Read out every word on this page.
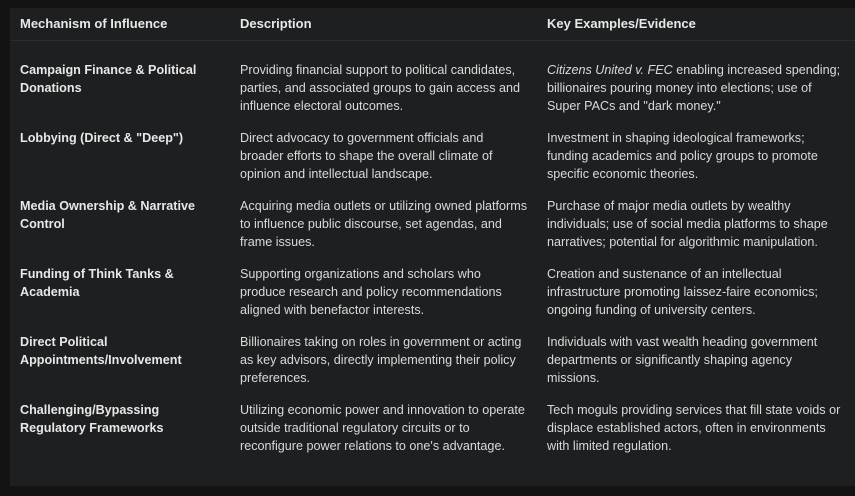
Mechanism of Influence	Description	Key Examples/Evidence
Campaign Finance & Political Donations	Providing financial support to political candidates, parties, and associated groups to gain access and influence electoral outcomes.	Citizens United v. FEC enabling increased spending; billionaires pouring money into elections; use of Super PACs and "dark money."
Lobbying (Direct & "Deep")	Direct advocacy to government officials and broader efforts to shape the overall climate of opinion and intellectual landscape.	Investment in shaping ideological frameworks; funding academics and policy groups to promote specific economic theories.
Media Ownership & Narrative Control	Acquiring media outlets or utilizing owned platforms to influence public discourse, set agendas, and frame issues.	Purchase of major media outlets by wealthy individuals; use of social media platforms to shape narratives; potential for algorithmic manipulation.
Funding of Think Tanks & Academia	Supporting organizations and scholars who produce research and policy recommendations aligned with benefactor interests.	Creation and sustenance of an intellectual infrastructure promoting laissez-faire economics; ongoing funding of university centers.
Direct Political Appointments/Involvement	Billionaires taking on roles in government or acting as key advisors, directly implementing their policy preferences.	Individuals with vast wealth heading government departments or significantly shaping agency missions.
Challenging/Bypassing Regulatory Frameworks	Utilizing economic power and innovation to operate outside traditional regulatory circuits or to reconfigure power relations to one's advantage.	Tech moguls providing services that fill state voids or displace established actors, often in environments with limited regulation.
